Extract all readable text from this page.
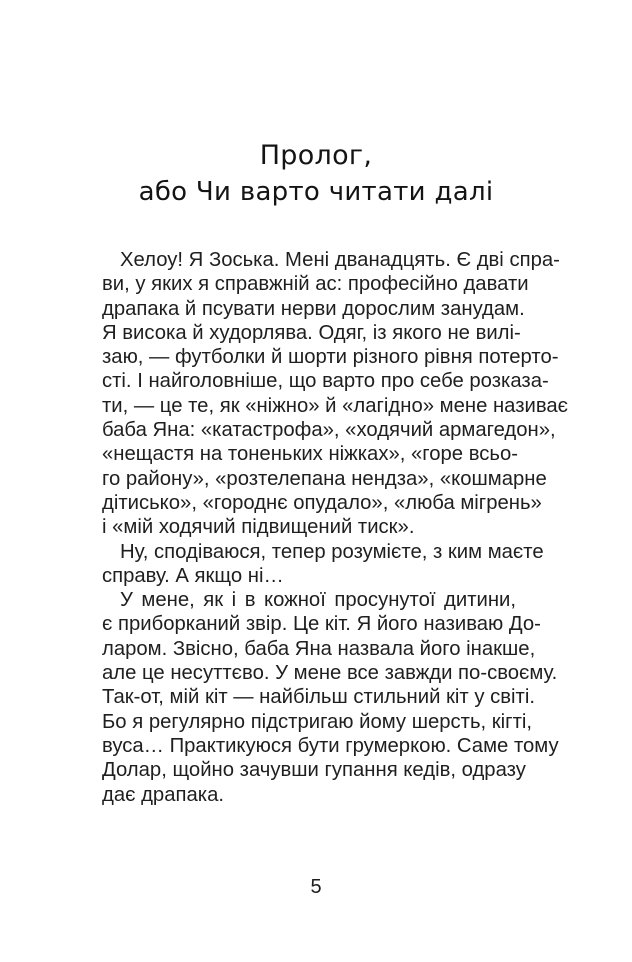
Пролог,
або Чи варто читати далі

Хелоу! Я Зоська. Мені дванадцять. Є дві спра-
ви, у яких я справжній ас: професійно давати
драпака й псувати нерви дорослим занудам.
Я висока й худорлява. Одяг, із якого не вилі-
заю, — футболки й шорти різного рівня потерто-
сті. І найголовніше, що варто про себе розказа-
ти, — це те, як «ніжно» й «лагідно» мене називає
баба Яна: «катастрофа», «ходячий армагедон»,
«нещастя на тоненьких ніжках», «горе всьо-
го району», «розтелепана нендза», «кошмарне
дітисько», «городнє опудало», «люба мігрень»
і «мій ходячий підвищений тиск».

Ну, сподіваюся, тепер розумієте, з ким маєте
справу. А якщо ні…

У мене, як і в кожної просунутої дитини,
є приборканий звір. Це кіт. Я його називаю До-
ларом. Звісно, баба Яна назвала його інакше,
але це несуттєво. У мене все завжди по-своєму.
Так-от, мій кіт — найбільш стильний кіт у світі.
Бо я регулярно підстригаю йому шерсть, кігті,
вуса… Практикуюся бути грумеркою. Саме тому
Долар, щойно зачувши гупання кедів, одразу
дає драпака.

5
